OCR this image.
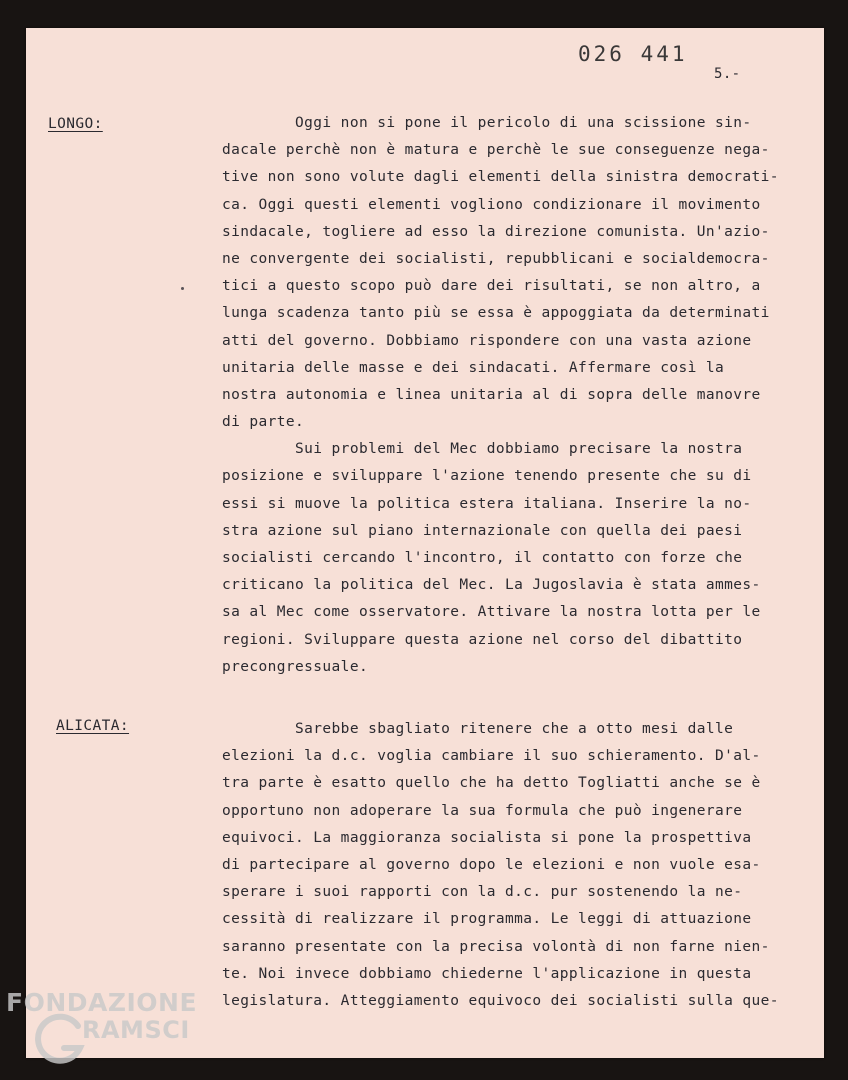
026 441
5.-
LONGO:	Oggi non si pone il pericolo di una scissione sin-
dacale perchè non è matura e perchè le sue conseguenze nega-
tive non sono volute dagli elementi della sinistra democrati-
ca. Oggi questi elementi vogliono condizionare il movimento
sindacale, togliere ad esso la direzione comunista. Un'azio-
ne convergente dei socialisti, repubblicani e socialdemocra-
tici a questo scopo può dare dei risultati, se non altro, a
lunga scadenza tanto più se essa è appoggiata da determinati
atti del governo. Dobbiamo rispondere con una vasta azione
unitaria delle masse e dei sindacati. Affermare così la
nostra autonomia e linea unitaria al di sopra delle manovre
di parte.
Sui problemi del Mec dobbiamo precisare la nostra
posizione e sviluppare l'azione tenendo presente che su di
essi si muove la politica estera italiana. Inserire la no-
stra azione sul piano internazionale con quella dei paesi
socialisti cercando l'incontro, il contatto con forze che
criticano la politica del Mec. La Jugoslavia è stata ammes-
sa al Mec come osservatore. Attivare la nostra lotta per le
regioni. Sviluppare questa azione nel corso del dibattito
precongressuale.
ALICATA:	Sarebbe sbagliato ritenere che a otto mesi dalle
elezioni la d.c. voglia cambiare il suo schieramento. D'al-
tra parte è esatto quello che ha detto Togliatti anche se è
opportuno non adoperare la sua formula che può ingenerare
equivoci. La maggioranza socialista si pone la prospettiva
di partecipare al governo dopo le elezioni e non vuole esa-
sperare i suoi rapporti con la d.c. pur sostenendo la ne-
cessità di realizzare il programma. Le leggi di attuazione
saranno presentate con la precisa volontà di non farne nien-
te. Noi invece dobbiamo chiederne l'applicazione in questa
legislatura. Atteggiamento equivoco dei socialisti sulla que-
FONDAZIONE
RAMSCI
